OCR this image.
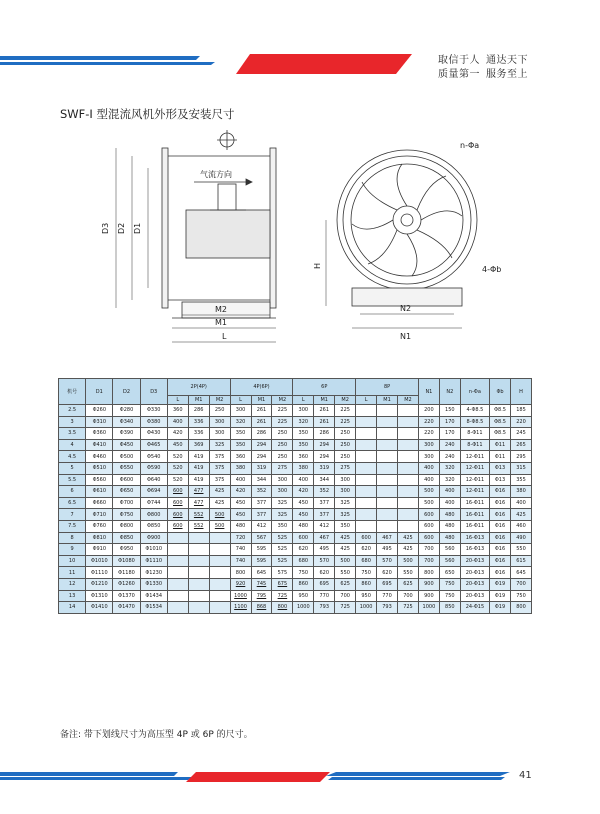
取信于人 通达天下
质量第一 服务至上
SWF-I 型混流风机外形及安装尺寸
气流方向
D3 D2 D1
M2
M1
L
n-Φa
4-Φb
H
N2
N1
机号	D1	D2	D3	2P(4P)			4P(6P)			6P			8P			N1	N2	n-Φa	Φb	H
				L	M1	M2	L	M1	M2	L	M1	M2	L	M1	M2					
2.5	Φ260	Φ280	Φ330	360	286	250	300	261	225	300	261	225				200	150	4-Φ8.5	Φ8.5	185
3	Φ310	Φ340	Φ380	400	336	300	320	261	225	320	261	225				220	170	8-Φ8.5	Φ8.5	220
3.5	Φ360	Φ390	Φ430	420	336	300	350	286	250	350	286	250				220	170	8-Φ11	Φ8.5	245
4	Φ410	Φ450	Φ465	450	369	325	350	294	250	350	294	250				300	240	8-Φ11	Φ11	265
4.5	Φ460	Φ500	Φ540	520	419	375	360	294	250	360	294	250				300	240	12-Φ11	Φ11	295
5	Φ510	Φ550	Φ590	520	419	375	380	319	275	380	319	275				400	320	12-Φ11	Φ13	315
5.5	Φ560	Φ600	Φ640	520	419	375	400	344	300	400	344	300				400	320	12-Φ11	Φ13	355
6	Φ610	Φ650	Φ694	600	477	425	420	352	300	420	352	300				500	400	12-Φ11	Φ16	380
6.5	Φ660	Φ700	Φ744	600	477	425	450	377	325	450	377	325				500	400	16-Φ11	Φ16	400
7	Φ710	Φ750	Φ800	600	552	500	450	377	325	450	377	325				600	480	16-Φ11	Φ16	425
7.5	Φ760	Φ800	Φ850	600	552	500	480	412	350	480	412	350				600	480	16-Φ11	Φ16	460
8	Φ810	Φ850	Φ900				720	567	525	600	467	425	600	467	425	600	480	16-Φ13	Φ16	490
9	Φ910	Φ950	Φ1010				740	595	525	620	495	425	620	495	425	700	560	16-Φ13	Φ16	550
10	Φ1010	Φ1080	Φ1110				740	595	525	680	570	500	680	570	500	700	560	20-Φ13	Φ16	615
11	Φ1110	Φ1180	Φ1230				800	645	575	750	620	550	750	620	550	800	650	20-Φ13	Φ16	645
12	Φ1210	Φ1260	Φ1330				920	745	675	860	695	625	860	695	625	900	750	20-Φ13	Φ19	700
13	Φ1310	Φ1370	Φ1434				1000	795	725	950	770	700	950	770	700	900	750	20-Φ13	Φ19	750
14	Φ1410	Φ1470	Φ1534				1100	868	800	1000	793	725	1000	793	725	1000	850	24-Φ15	Φ19	800
备注: 带下划线尺寸为高压型 4P 或 6P 的尺寸。
41
